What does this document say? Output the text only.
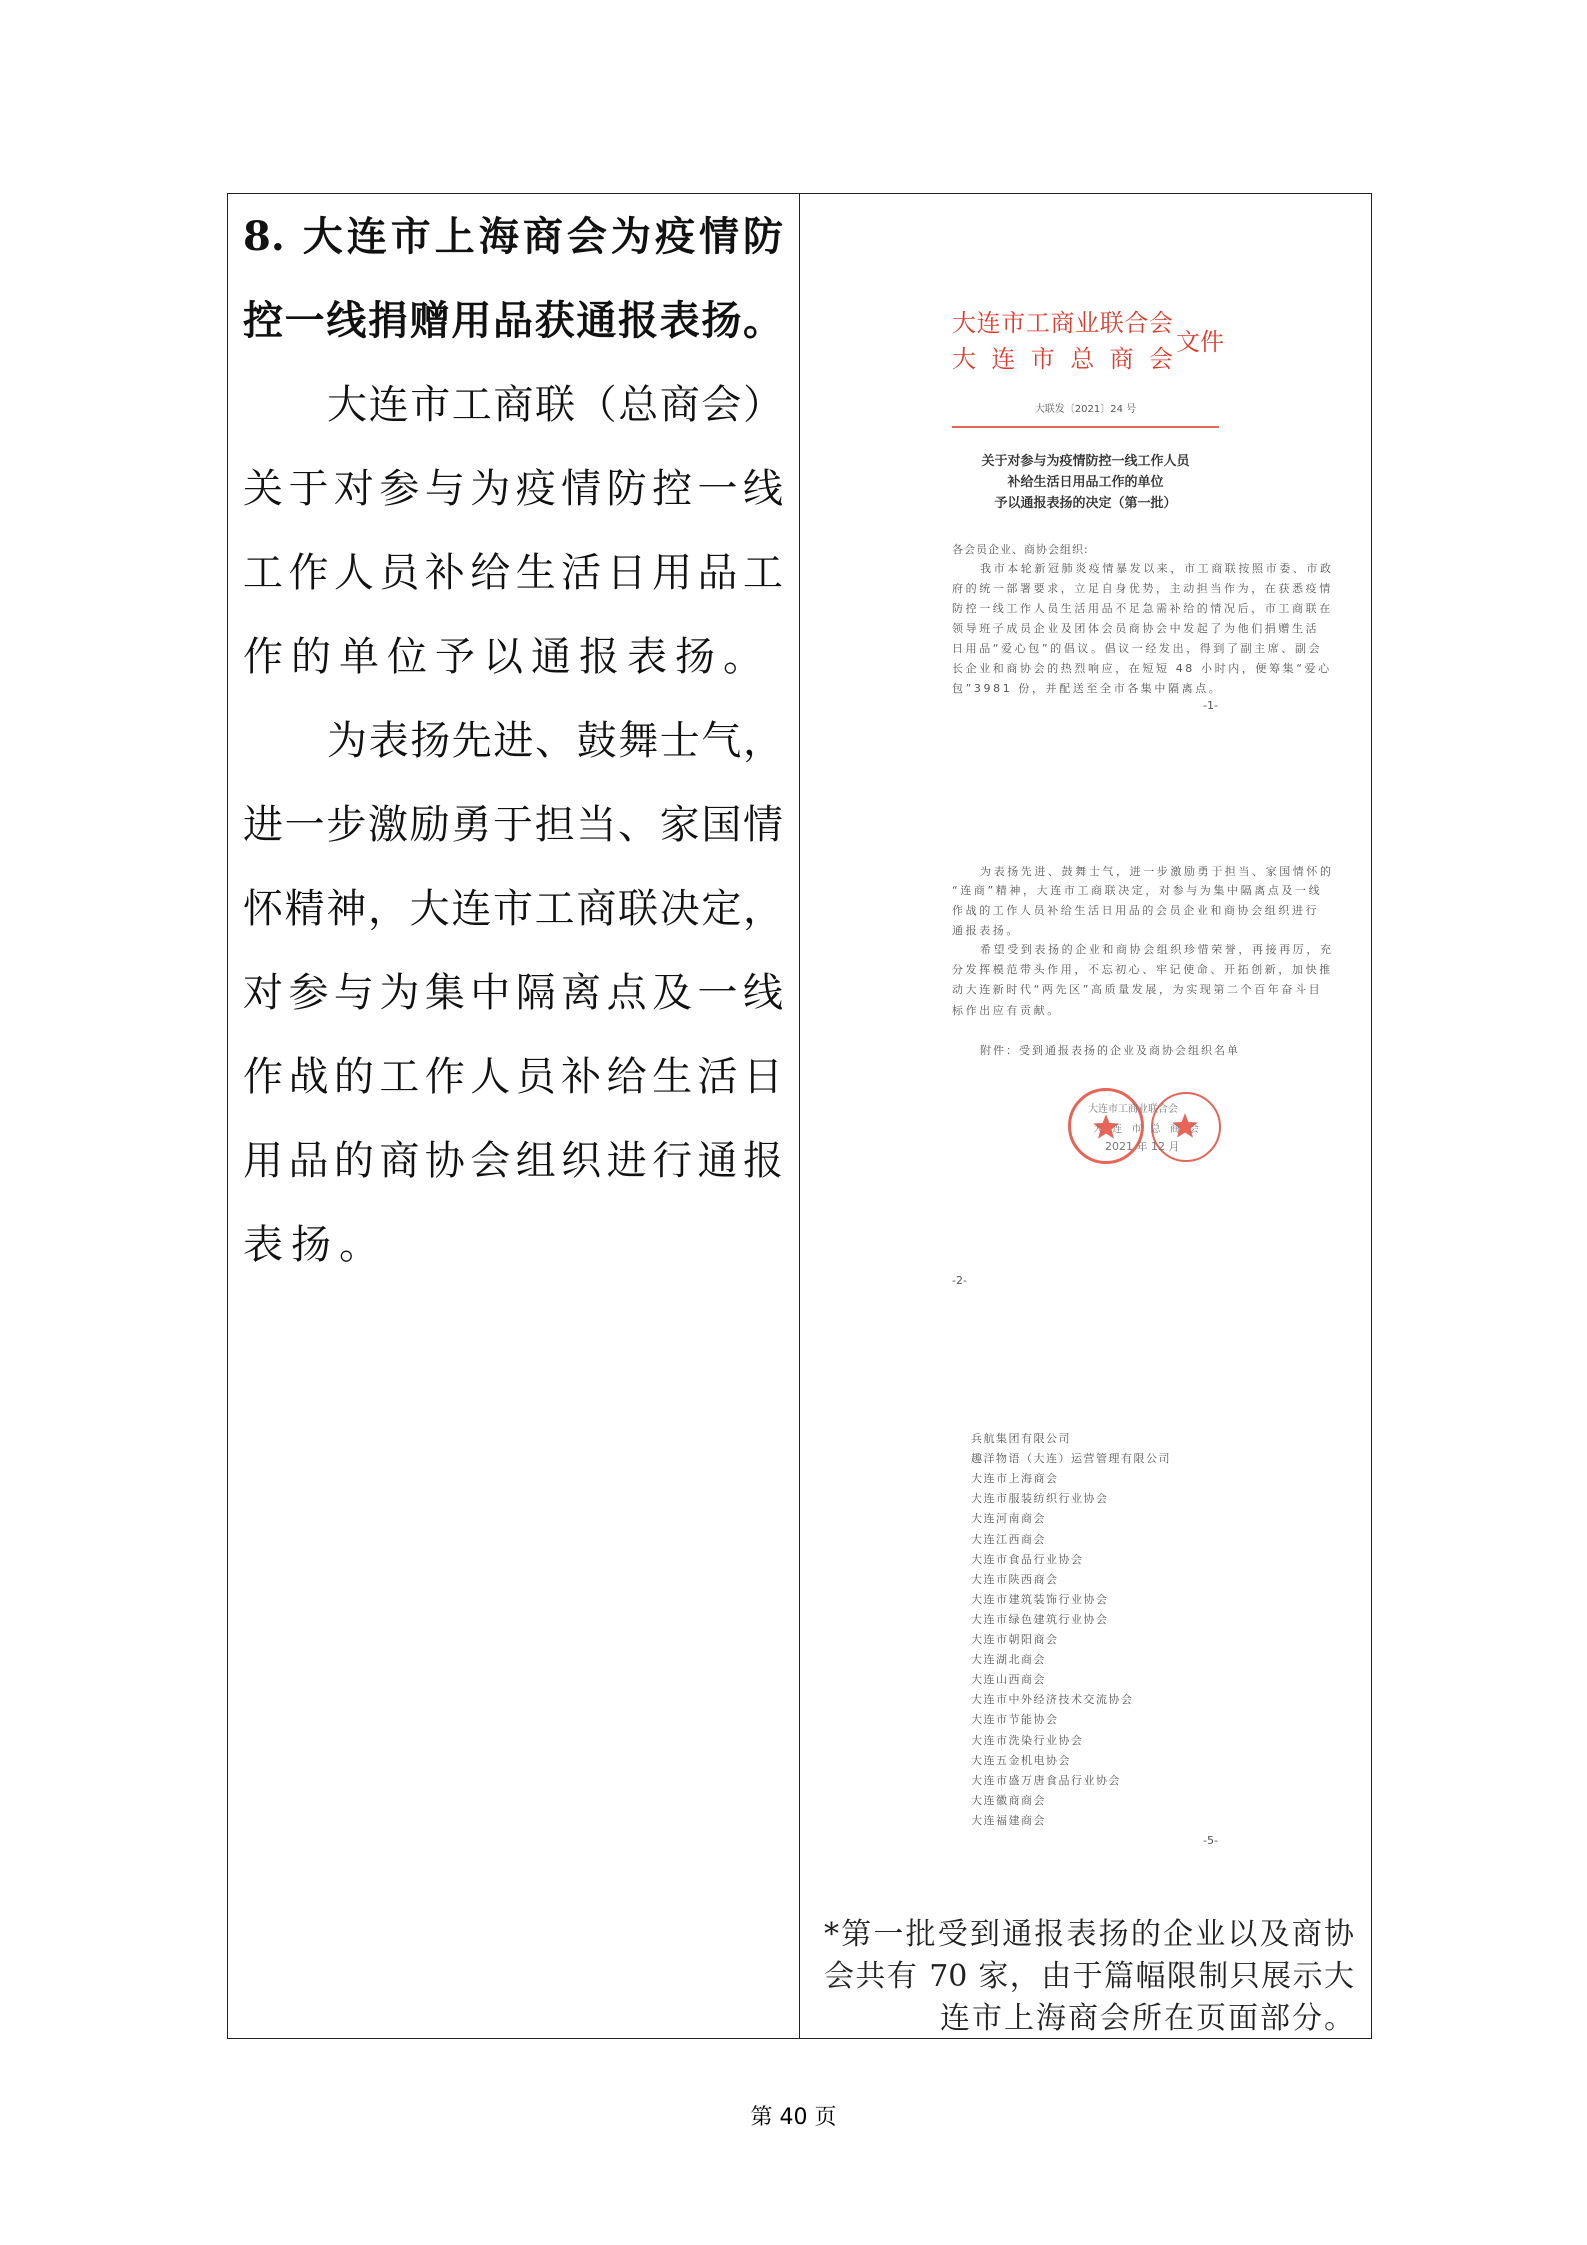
8. 大连市上海商会为疫情防
控一线捐赠用品获通报表扬。
大连市工商联（总商会）
关于对参与为疫情防控一线
工作人员补给生活日用品工
作的单位予以通报表扬。
为表扬先进、鼓舞士气，
进一步激励勇于担当、家国情
怀精神，大连市工商联决定，
对参与为集中隔离点及一线
作战的工作人员补给生活日
用品的商协会组织进行通报
表扬。
大连市工商业联合会
大 连 市 总 商 会
文件
大联发〔2021〕24 号
关于对参与为疫情防控一线工作人员
补给生活日用品工作的单位
予以通报表扬的决定（第一批）
各会员企业、商协会组织:
我市本轮新冠肺炎疫情暴发以来，市工商联按照市委、市政
府的统一部署要求，立足自身优势，主动担当作为，在获悉疫情
防控一线工作人员生活用品不足急需补给的情况后，市工商联在
领导班子成员企业及团体会员商协会中发起了为他们捐赠生活
日用品“爱心包”的倡议。倡议一经发出，得到了副主席、副会
长企业和商协会的热烈响应，在短短 48 小时内，便筹集“爱心
包”3981 份，并配送至全市各集中隔离点。
-1-
为表扬先进、鼓舞士气，进一步激励勇于担当、家国情怀的
“连商”精神，大连市工商联决定，对参与为集中隔离点及一线
作战的工作人员补给生活日用品的会员企业和商协会组织进行
通报表扬。
希望受到表扬的企业和商协会组织珍惜荣誉，再接再厉，充
分发挥模范带头作用，不忘初心、牢记使命、开拓创新，加快推
动大连新时代“两先区”高质量发展，为实现第二个百年奋斗目
标作出应有贡献。
附件：受到通报表扬的企业及商协会组织名单
大连市工商业联合会
大 连 市 总 商 会
2021 年 12 月
-2-
兵航集团有限公司
趣洋物语（大连）运营管理有限公司
大连市上海商会
大连市服装纺织行业协会
大连河南商会
大连江西商会
大连市食品行业协会
大连市陕西商会
大连市建筑装饰行业协会
大连市绿色建筑行业协会
大连市朝阳商会
大连湖北商会
大连山西商会
大连市中外经济技术交流协会
大连市节能协会
大连市洗染行业协会
大连五金机电协会
大连市盛万唐食品行业协会
大连徽商商会
大连福建商会
-5-
*第一批受到通报表扬的企业以及商协
会共有 70 家，由于篇幅限制只展示大
连市上海商会所在页面部分。
第 40 页
